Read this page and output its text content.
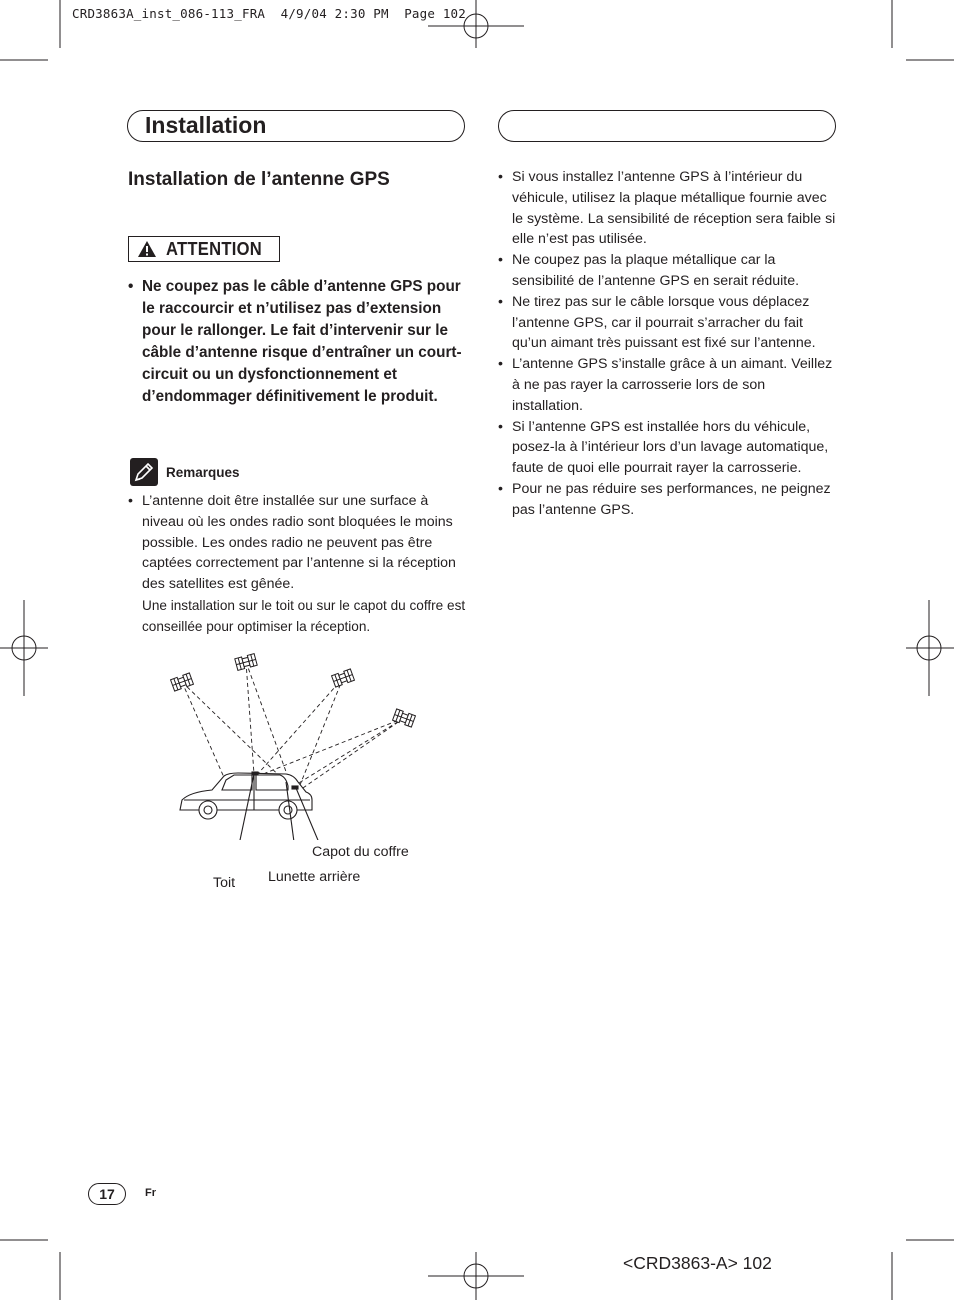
CRD3863A_inst_086-113_FRA  4/9/04 2:30 PM  Page 102
Installation
Installation de l’antenne GPS
ATTENTION
• Ne coupez pas le câble d’antenne GPS pour le raccourcir et n’utilisez pas d’extension pour le rallonger. Le fait d’intervenir sur le câble d’antenne risque d’entraîner un court-circuit ou un dysfonctionnement et d’endommager définitivement le produit.
Remarques
• L’antenne doit être installée sur une surface à niveau où les ondes radio sont bloquées le moins possible. Les ondes radio ne peuvent pas être captées correctement par l’antenne si la réception des satellites est gênée.
Une installation sur le toit ou sur le capot du coffre est conseillée pour optimiser la réception.
Capot du coffre
Lunette arrière
Toit
• Si vous installez l’antenne GPS à l’intérieur du véhicule, utilisez la plaque métallique fournie avec le système. La sensibilité de réception sera faible si elle n’est pas utilisée.
• Ne coupez pas la plaque métallique car la sensibilité de l’antenne GPS en serait réduite.
• Ne tirez pas sur le câble lorsque vous déplacez l’antenne GPS, car il pourrait s’arracher du fait qu’un aimant très puissant est fixé sur l’antenne.
• L’antenne GPS s’installe grâce à un aimant. Veillez à ne pas rayer la carrosserie lors de son installation.
• Si l’antenne GPS est installée hors du véhicule, posez-la à l’intérieur lors d’un lavage automatique, faute de quoi elle pourrait rayer la carrosserie.
• Pour ne pas réduire ses performances, ne peignez pas l’antenne GPS.
17	Fr
<CRD3863-A> 102
